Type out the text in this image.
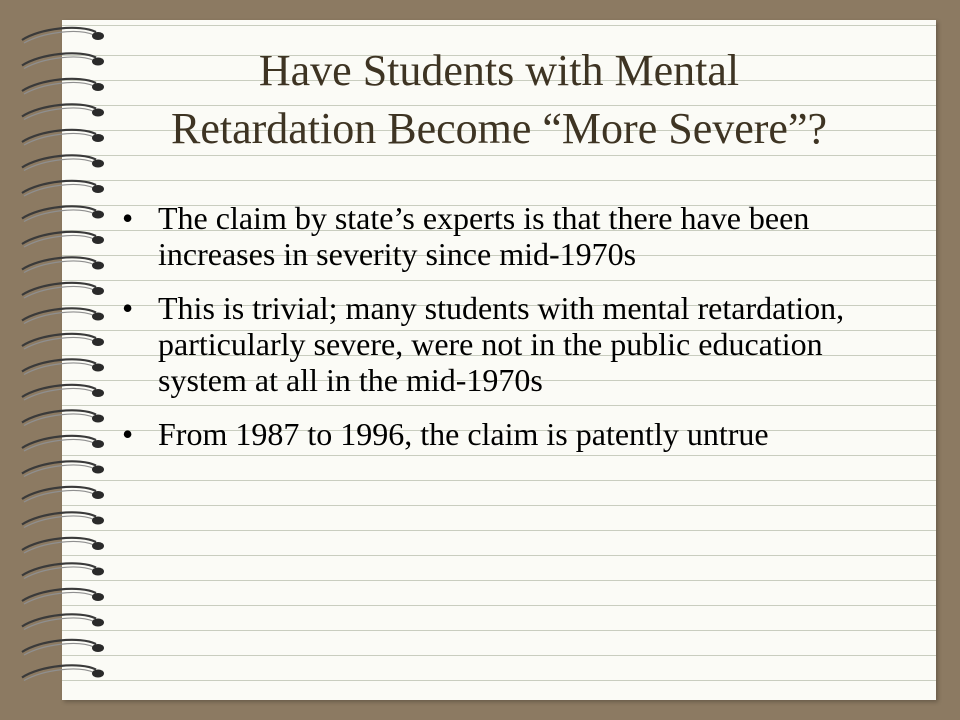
Have Students with Mental
Retardation Become “More Severe”?
• The claim by state’s experts is that there have been increases in severity since mid-1970s
• This is trivial; many students with mental retardation, particularly severe, were not in the public education system at all in the mid-1970s
• From 1987 to 1996, the claim is patently untrue
